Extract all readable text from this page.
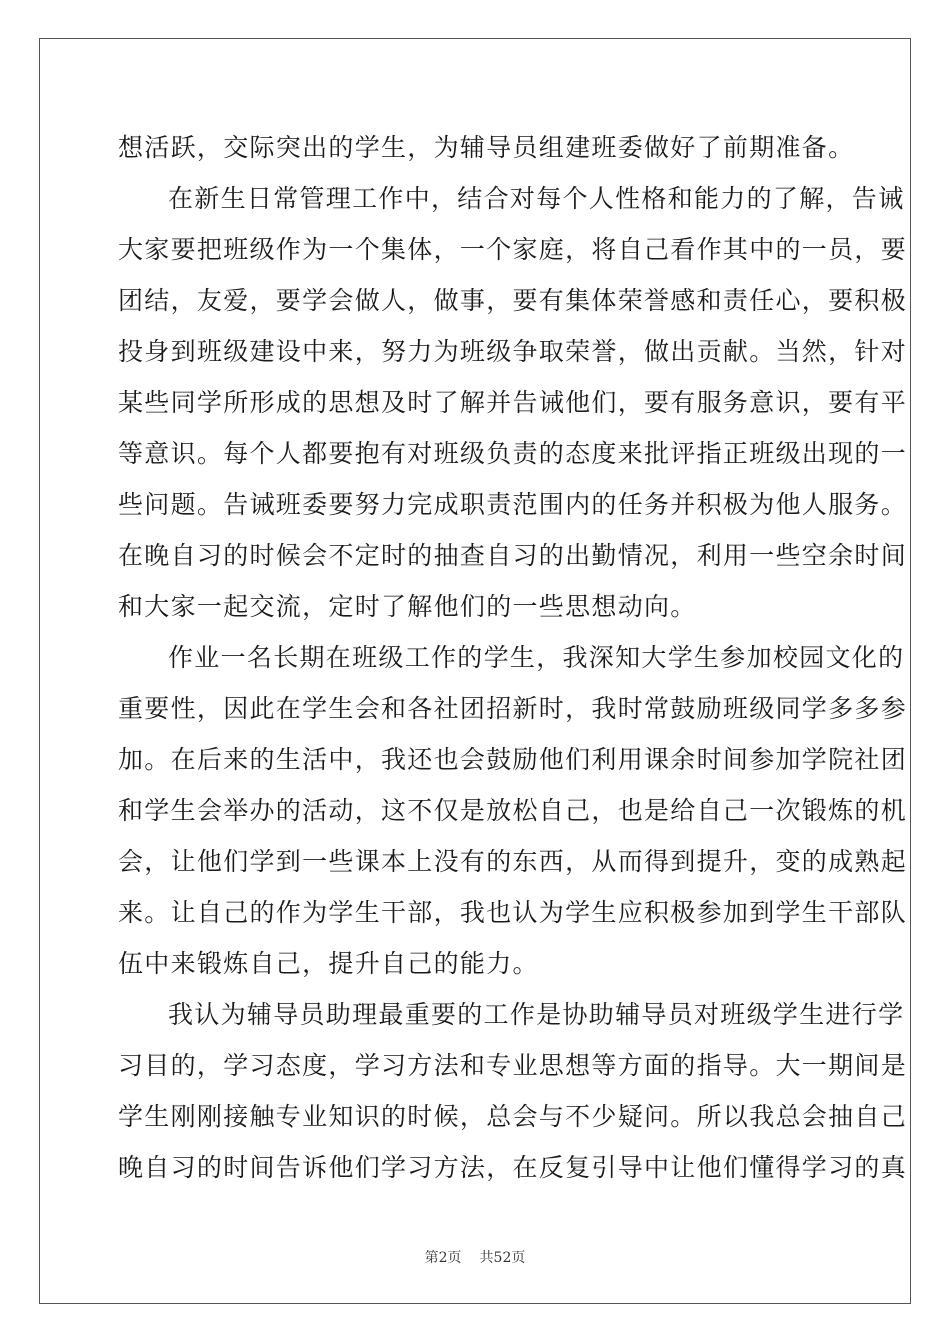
想活跃，交际突出的学生，为辅导员组建班委做好了前期准备。
在新生日常管理工作中，结合对每个人性格和能力的了解，告诫
大家要把班级作为一个集体，一个家庭，将自己看作其中的一员，要
团结，友爱，要学会做人，做事，要有集体荣誉感和责任心，要积极
投身到班级建设中来，努力为班级争取荣誉，做出贡献。当然，针对
某些同学所形成的思想及时了解并告诫他们，要有服务意识，要有平
等意识。每个人都要抱有对班级负责的态度来批评指正班级出现的一
些问题。告诫班委要努力完成职责范围内的任务并积极为他人服务。
在晚自习的时候会不定时的抽查自习的出勤情况，利用一些空余时间
和大家一起交流，定时了解他们的一些思想动向。
作业一名长期在班级工作的学生，我深知大学生参加校园文化的
重要性，因此在学生会和各社团招新时，我时常鼓励班级同学多多参
加。在后来的生活中，我还也会鼓励他们利用课余时间参加学院社团
和学生会举办的活动，这不仅是放松自己，也是给自己一次锻炼的机
会，让他们学到一些课本上没有的东西，从而得到提升，变的成熟起
来。让自己的作为学生干部，我也认为学生应积极参加到学生干部队
伍中来锻炼自己，提升自己的能力。
我认为辅导员助理最重要的工作是协助辅导员对班级学生进行学
习目的，学习态度，学习方法和专业思想等方面的指导。大一期间是
学生刚刚接触专业知识的时候，总会与不少疑问。所以我总会抽自己
晚自习的时间告诉他们学习方法，在反复引导中让他们懂得学习的真
第2页 共52页
